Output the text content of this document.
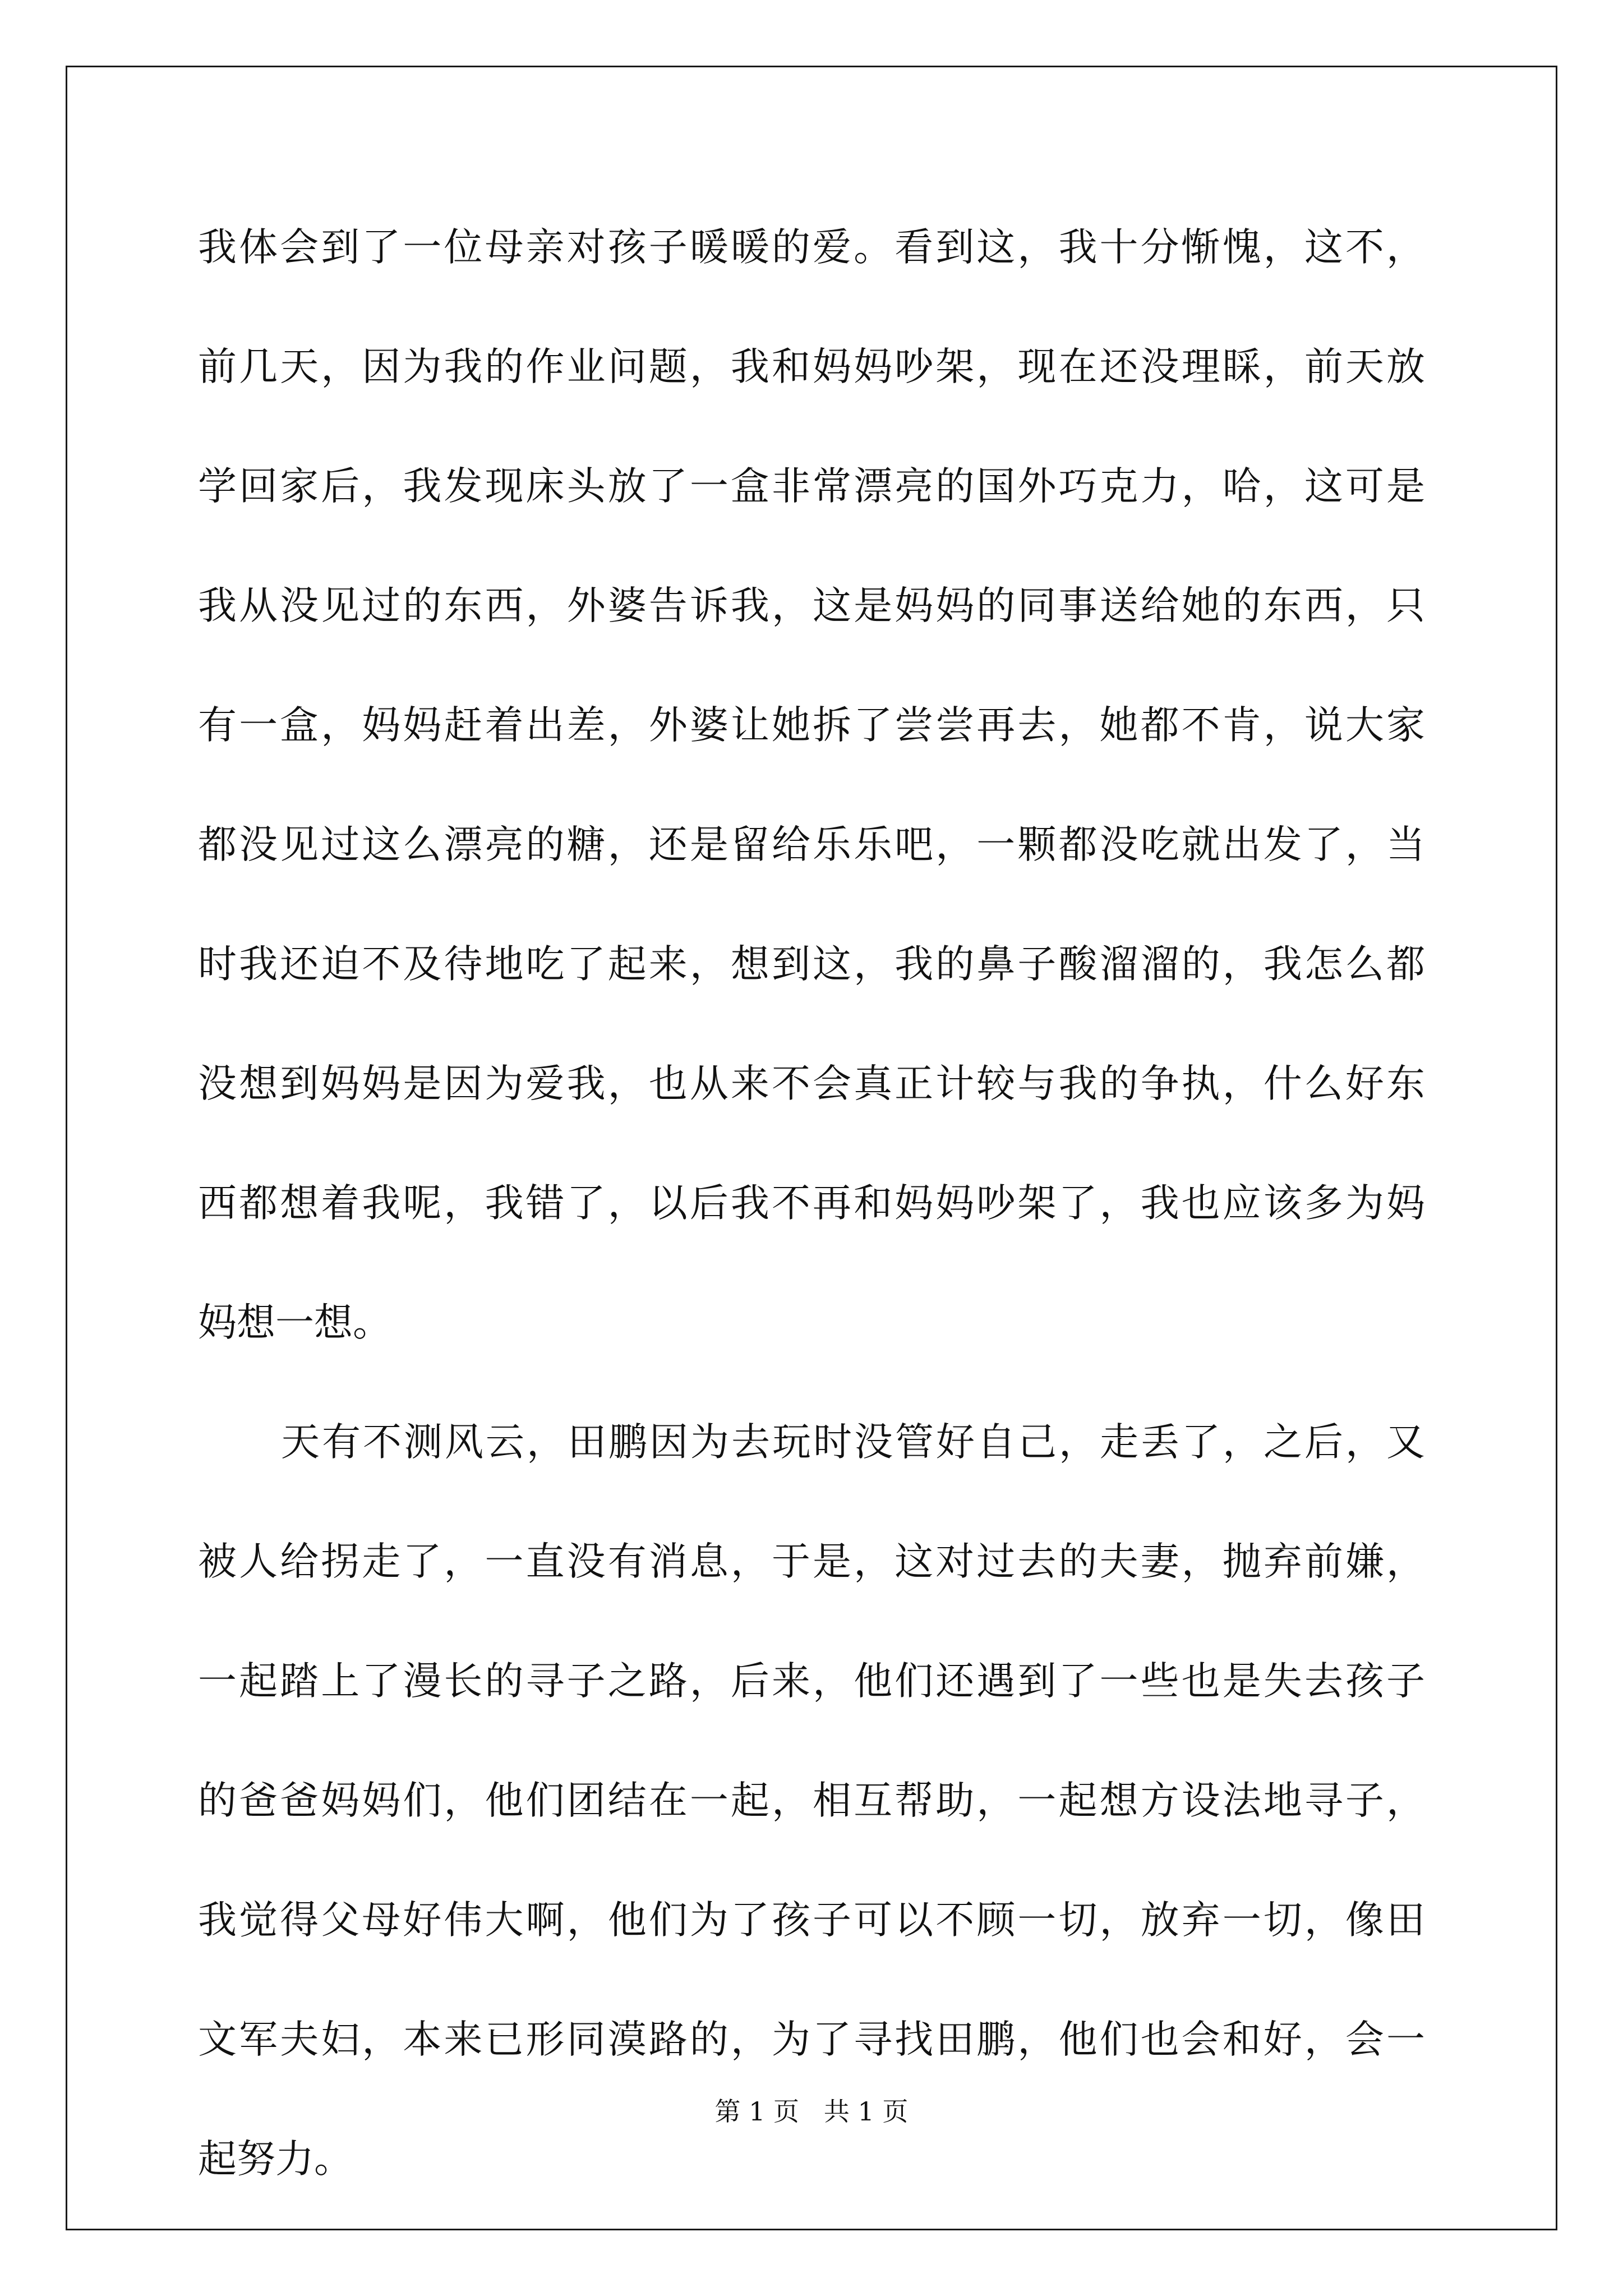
我体会到了一位母亲对孩子暖暖的爱。看到这，我十分惭愧，这不，
前几天，因为我的作业问题，我和妈妈吵架，现在还没理睬，前天放
学回家后，我发现床头放了一盒非常漂亮的国外巧克力，哈，这可是
我从没见过的东西，外婆告诉我，这是妈妈的同事送给她的东西，只
有一盒，妈妈赶着出差，外婆让她拆了尝尝再去，她都不肯，说大家
都没见过这么漂亮的糖，还是留给乐乐吧，一颗都没吃就出发了，当
时我还迫不及待地吃了起来，想到这，我的鼻子酸溜溜的，我怎么都
没想到妈妈是因为爱我，也从来不会真正计较与我的争执，什么好东
西都想着我呢，我错了，以后我不再和妈妈吵架了，我也应该多为妈
妈想一想。
天有不测风云，田鹏因为去玩时没管好自己，走丢了，之后，又
被人给拐走了，一直没有消息，于是，这对过去的夫妻，抛弃前嫌，
一起踏上了漫长的寻子之路，后来，他们还遇到了一些也是失去孩子
的爸爸妈妈们，他们团结在一起，相互帮助，一起想方设法地寻子，
我觉得父母好伟大啊，他们为了孩子可以不顾一切，放弃一切，像田
文军夫妇，本来已形同漠路的，为了寻找田鹏，他们也会和好，会一
起努力。
第 1 页   共 1 页
